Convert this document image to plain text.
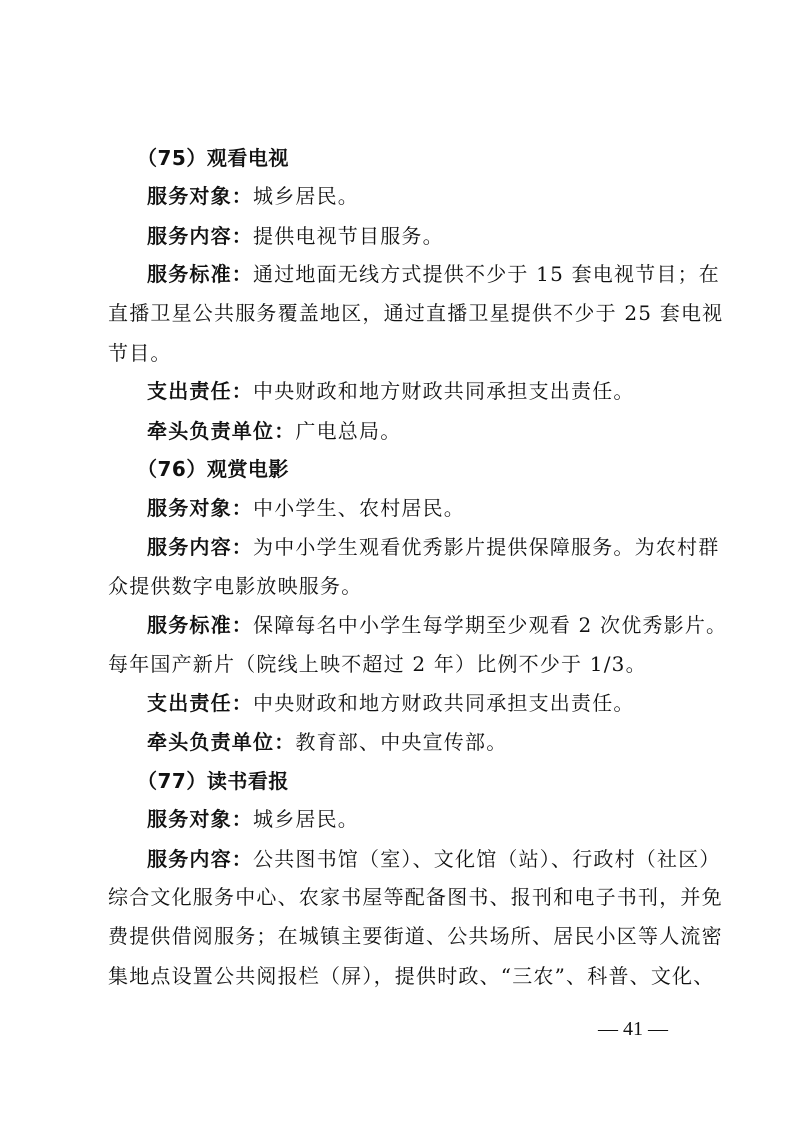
（75）观看电视
服务对象：城乡居民。
服务内容：提供电视节目服务。
服务标准：通过地面无线方式提供不少于 15 套电视节目；在
直播卫星公共服务覆盖地区，通过直播卫星提供不少于 25 套电视
节目。
支出责任：中央财政和地方财政共同承担支出责任。
牵头负责单位：广电总局。
（76）观赏电影
服务对象：中小学生、农村居民。
服务内容：为中小学生观看优秀影片提供保障服务。为农村群
众提供数字电影放映服务。
服务标准：保障每名中小学生每学期至少观看 2 次优秀影片。
每年国产新片（院线上映不超过 2 年）比例不少于 1/3。
支出责任：中央财政和地方财政共同承担支出责任。
牵头负责单位：教育部、中央宣传部。
（77）读书看报
服务对象：城乡居民。
服务内容：公共图书馆（室）、文化馆（站）、行政村（社区）
综合文化服务中心、农家书屋等配备图书、报刊和电子书刊，并免
费提供借阅服务；在城镇主要街道、公共场所、居民小区等人流密
集地点设置公共阅报栏（屏），提供时政、“三农”、科普、文化、
— 41 —
